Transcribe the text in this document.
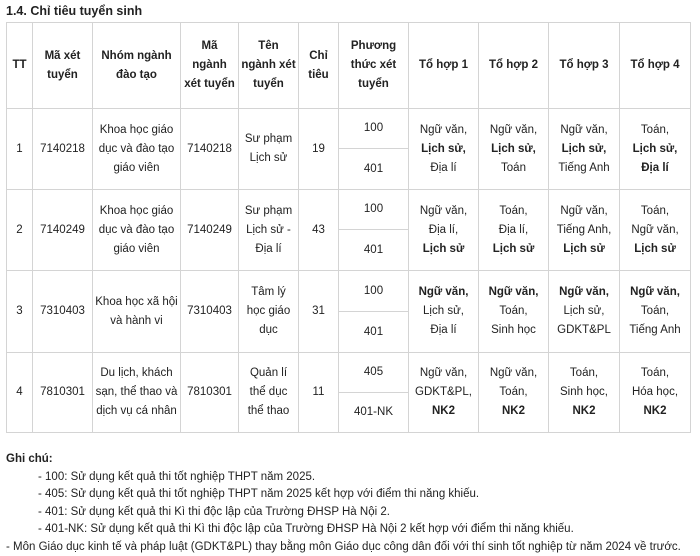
1.4. Chỉ tiêu tuyển sinh
TT	Mã xét tuyển	Nhóm ngành đào tạo	Mã ngành xét tuyển	Tên ngành xét tuyển	Chỉ tiêu	Phương thức xét tuyển	Tổ hợp 1	Tổ hợp 2	Tổ hợp 3	Tổ hợp 4
1	7140218	Khoa học giáo dục và đào tạo giáo viên	7140218	Sư phạm Lịch sử	19	100	Ngữ văn,
Lịch sử,
Địa lí	Ngữ văn,
Lịch sử,
Toán	Ngữ văn,
Lịch sử,
Tiếng Anh	Toán,
Lịch sử,
Địa lí

						401				
2	7140249	Khoa học giáo dục và đào tạo giáo viên	7140249	Sư phạm Lịch sử - Địa lí	43	100	Ngữ văn,
Địa lí,
Lịch sử	Toán,
Địa lí,
Lịch sử	Ngữ văn,
Tiếng Anh,
Lịch sử	Toán,
Ngữ văn,
Lịch sử

						401				
3	7310403	Khoa học xã hội và hành vi	7310403	Tâm lý học giáo dục	31	100	Ngữ văn,
Lịch sử,
Địa lí	Ngữ văn,
Toán,
Sinh học	Ngữ văn,
Lịch sử,
GDKT&PL	Ngữ văn,
Toán,
Tiếng Anh

						401				
4	7810301	Du lịch, khách sạn, thể thao và dịch vụ cá nhân	7810301	Quản lí thể dục thể thao	11	405	Ngữ văn,
GDKT&PL,
NK2	Ngữ văn,
Toán,
NK2	Toán,
Sinh học,
NK2	Toán,
Hóa học,
NK2

						401-NK				
Ghi chú:
- 100: Sử dụng kết quả thi tốt nghiệp THPT năm 2025.
- 405: Sử dụng kết quả thi tốt nghiệp THPT năm 2025 kết hợp với điểm thi năng khiếu.
- 401: Sử dụng kết quả thi Kì thi độc lập của Trường ĐHSP Hà Nội 2.
- 401-NK: Sử dụng kết quả thi Kì thi độc lập của Trường ĐHSP Hà Nội 2 kết hợp với điểm thi năng khiếu.
- Môn Giáo dục kinh tế và pháp luật (GDKT&PL) thay bằng môn Giáo dục công dân đối với thí sinh tốt nghiệp từ năm 2024 về trước.
